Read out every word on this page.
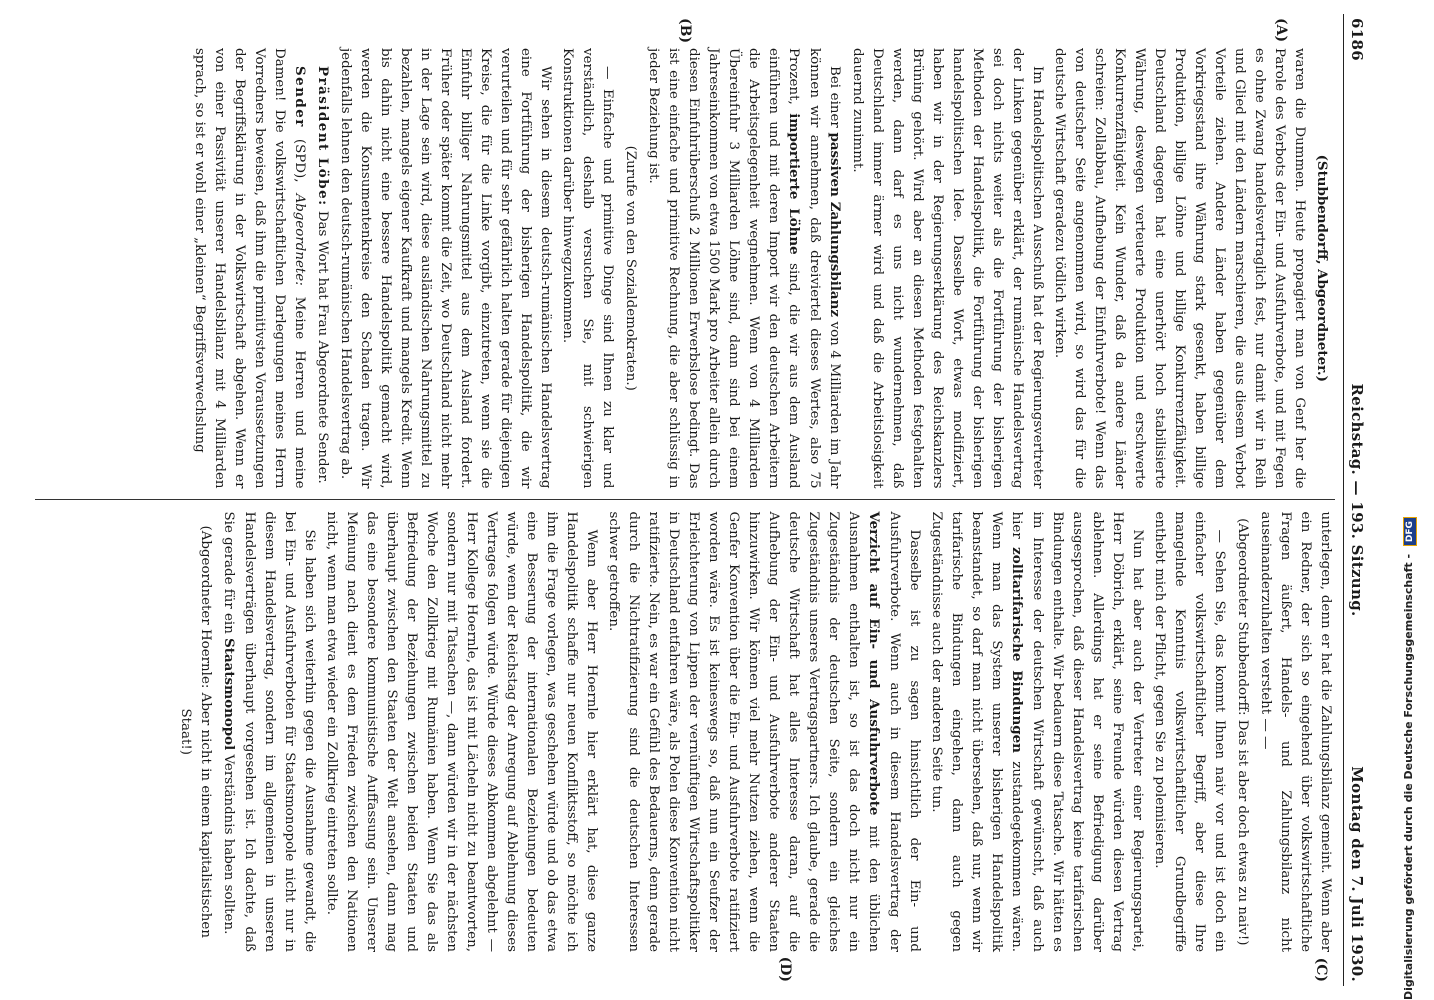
6186
Reichstag. — 193. Sitzung.
Montag den 7. Juli 1930.
(A)
(B)

(Stubbendorff, Abgeordneter.)

waren die Dummen. Heute propagiert man von Genf her die Parole des Verbots der Ein- und Ausfuhrverbote, und mit Fegen es ohne Zwang handelsvertraglich fest, nur damit wir in Reih und Glied mit den Ländern marschieren, die aus diesem Verbot Vorteile ziehen. Andere Länder haben gegenüber dem Vorkriegsstand ihre Währung stark gesenkt, haben billige Produktion, billige Löhne und billige Konkurrenzfähigkeit. Deutschland dagegen hat eine unerhört hoch stabilisierte Währung, deswegen verteuerte Produktion und erschwerte Konkurrenzfähigkeit. Kein Wunder, daß da andere Länder schreien: Zollabbau, Aufhebung der Einfuhrverbote! Wenn das von deutscher Seite angenommen wird, so wird das für die deutsche Wirtschaft geradezu tödlich wirken.

Im Handelspolitischen Ausschuß hat der Regierungsvertreter der Linken gegenüber erklärt, der rumänische Handelsvertrag sei doch nichts weiter als die Fortführung der bisherigen Methoden der Handelspolitik, die Fortführung der bisherigen handelspolitischen Idee. Dasselbe Wort, etwas modifiziert, haben wir in der Regierungserklärung des Reichskanzlers Brüning gehört. Wird aber an diesen Methoden festgehalten werden, dann darf es uns nicht wundernehmen, daß Deutschland immer ärmer wird und daß die Arbeitslosigkeit dauernd zunimmt.

Bei einer passiven Zahlungsbilanz von 4 Milliarden im Jahr können wir annehmen, daß dreiviertel dieses Wertes, also 75 Prozent, importierte Löhne sind, die wir aus dem Ausland einführen und mit deren Import wir den deutschen Arbeitern die Arbeitsgelegenheit wegnehmen. Wenn von 4 Milliarden Übereinfuhr 3 Milliarden Löhne sind, dann sind bei einem Jahreseinkommen von etwa 1500 Mark pro Arbeiter allein durch diesen Einfuhrüberschuß 2 Millionen Erwerbslose bedingt. Das ist eine einfache und primitive Rechnung, die aber schlüssig in jeder Beziehung ist.

(Zurufe von den Sozialdemokraten.)

— Einfache und primitive Dinge sind Ihnen zu klar und verständlich, deshalb versuchen Sie, mit schwierigen Konstruktionen darüber hinwegzukommen.

Wir sehen in diesem deutsch-rumänischen Handelsvertrag eine Fortführung der bisherigen Handelspolitik, die wir verurteilen und für sehr gefährlich halten gerade für diejenigen Kreise, die für die Linke vorgibt, einzutreten, wenn sie die Einfuhr billiger Nahrungsmittel aus dem Ausland fordert. Früher oder später kommt die Zeit, wo Deutschland nicht mehr in der Lage sein wird, diese ausländischen Nahrungsmittel zu bezahlen, mangels eigener Kaufkraft und mangels Kredit. Wenn bis dahin nicht eine bessere Handelspolitik gemacht wird, werden die Konsumentenkreise den Schaden tragen. Wir jedenfalls lehnen den deutsch-rumänischen Handelsvertrag ab.

Präsident Löbe: Das Wort hat Frau Abgeordnete Sender.

Sender (SPD), Abgeordnete: Meine Herren und meine Damen! Die volkswirtschaftlichen Darlegungen meines Herrn Vorredners beweisen, daß ihm die primitivsten Voraussetzungen der Begriffsklärung in der Volkswirtschaft abgehen. Wenn er von einer Passivität unserer Handelsbilanz mit 4 Milliarden sprach, so ist er wohl einer „kleinen“ Begriffsverwechslung

(C)
(D)

unterlegen, denn er hat die Zahlungsbilanz gemeint. Wenn aber ein Redner, der sich so eingehend über volkswirtschaftliche Fragen äußert, Handels- und Zahlungsbilanz nicht auseinanderzuhalten versteht — —

(Abgeordneter Stubbendorff: Das ist aber doch etwas zu naiv!)

— Sehen Sie, das kommt Ihnen naiv vor und ist doch ein einfacher volkswirtschaftlicher Begriff, aber diese Ihre mangelnde Kenntnis volkswirtschaftlicher Grundbegriffe enthebt mich der Pflicht, gegen Sie zu polemisieren.

Nun hat aber auch der Vertreter einer Regierungspartei, Herr Döbrich, erklärt, seine Freunde würden diesen Vertrag ablehnen. Allerdings hat er seine Befriedigung darüber ausgesprochen, daß dieser Handelsvertrag keine tarifarischen Bindungen enthalte. Wir bedauern diese Tatsache. Wir hätten es im Interesse der deutschen Wirtschaft gewünscht, daß auch hier zolltarifarische Bindungen zustandegekommen wären. Wenn man das System unserer bisherigen Handelspolitik beanstandet, so darf man nicht übersehen, daß nur, wenn wir tarifarische Bindungen eingehen, dann auch gegen Zugeständnisse auch der anderen Seite tun.

Dasselbe ist zu sagen hinsichtlich der Ein- und Ausfuhrverbote. Wenn auch in diesem Handelsvertrag der Verzicht auf Ein- und Ausfuhrverbote mit den üblichen Ausnahmen enthalten ist, so ist das doch nicht nur ein Zugeständnis der deutschen Seite, sondern ein gleiches Zugeständnis unseres Vertragspartners. Ich glaube, gerade die deutsche Wirtschaft hat alles Interesse daran, auf die Aufhebung der Ein- und Ausfuhrverbote anderer Staaten hinzuwirken. Wir können viel mehr Nutzen ziehen, wenn die Genfer Konvention über die Ein- und Ausfuhrverbote ratifiziert worden wäre. Es ist keineswegs so, daß nun ein Seufzer der Erleichterung von Lippen der vernünftigen Wirtschaftspolitiker in Deutschland entfahren wäre, als Polen diese Konvention nicht ratifizierte. Nein, es war ein Gefühl des Bedauerns, denn gerade durch die Nichtratifizierung sind die deutschen Interessen schwer getroffen.

Wenn aber Herr Hoernle hier erklärt hat, diese ganze Handelspolitik schaffe nur neuen Konfliktsstoff, so möchte ich ihm die Frage vorlegen, was geschehen würde und ob das etwa eine Besserung der internationalen Beziehungen bedeuten würde, wenn der Reichstag der Anregung auf Ablehnung dieses Vertrages folgen würde. Würde dieses Abkommen abgelehnt — Herr Kollege Hoernle, das ist mit Lächeln nicht zu beantworten, sondern nur mit Tatsachen —, dann würden wir in der nächsten Woche den Zollkrieg mit Rumänien haben. Wenn Sie das als Befriedung der Beziehungen zwischen beiden Staaten und überhaupt zwischen den Staaten der Welt ansehen, dann mag das eine besondere kommunistische Auffassung sein. Unserer Meinung nach dient es dem Frieden zwischen den Nationen nicht, wenn man etwa wieder ein Zollkrieg eintreten sollte.

Sie haben sich weiterhin gegen die Ausnahme gewandt, die bei Ein- und Ausfuhrverboten für Staatsmonopole nicht nur in diesem Handelsvertrag, sondern im allgemeinen in unseren Handelsverträgen überhaupt vorgesehen ist. Ich dachte, daß Sie gerade für ein Staatsmonopol Verständnis haben sollten.

(Abgeordneter Hoernle: Aber nicht in einem kapitalistischen Staat!)	Digitalisierung gefördert durch die Deutsche Forschungsgemeinschaft - DFG
